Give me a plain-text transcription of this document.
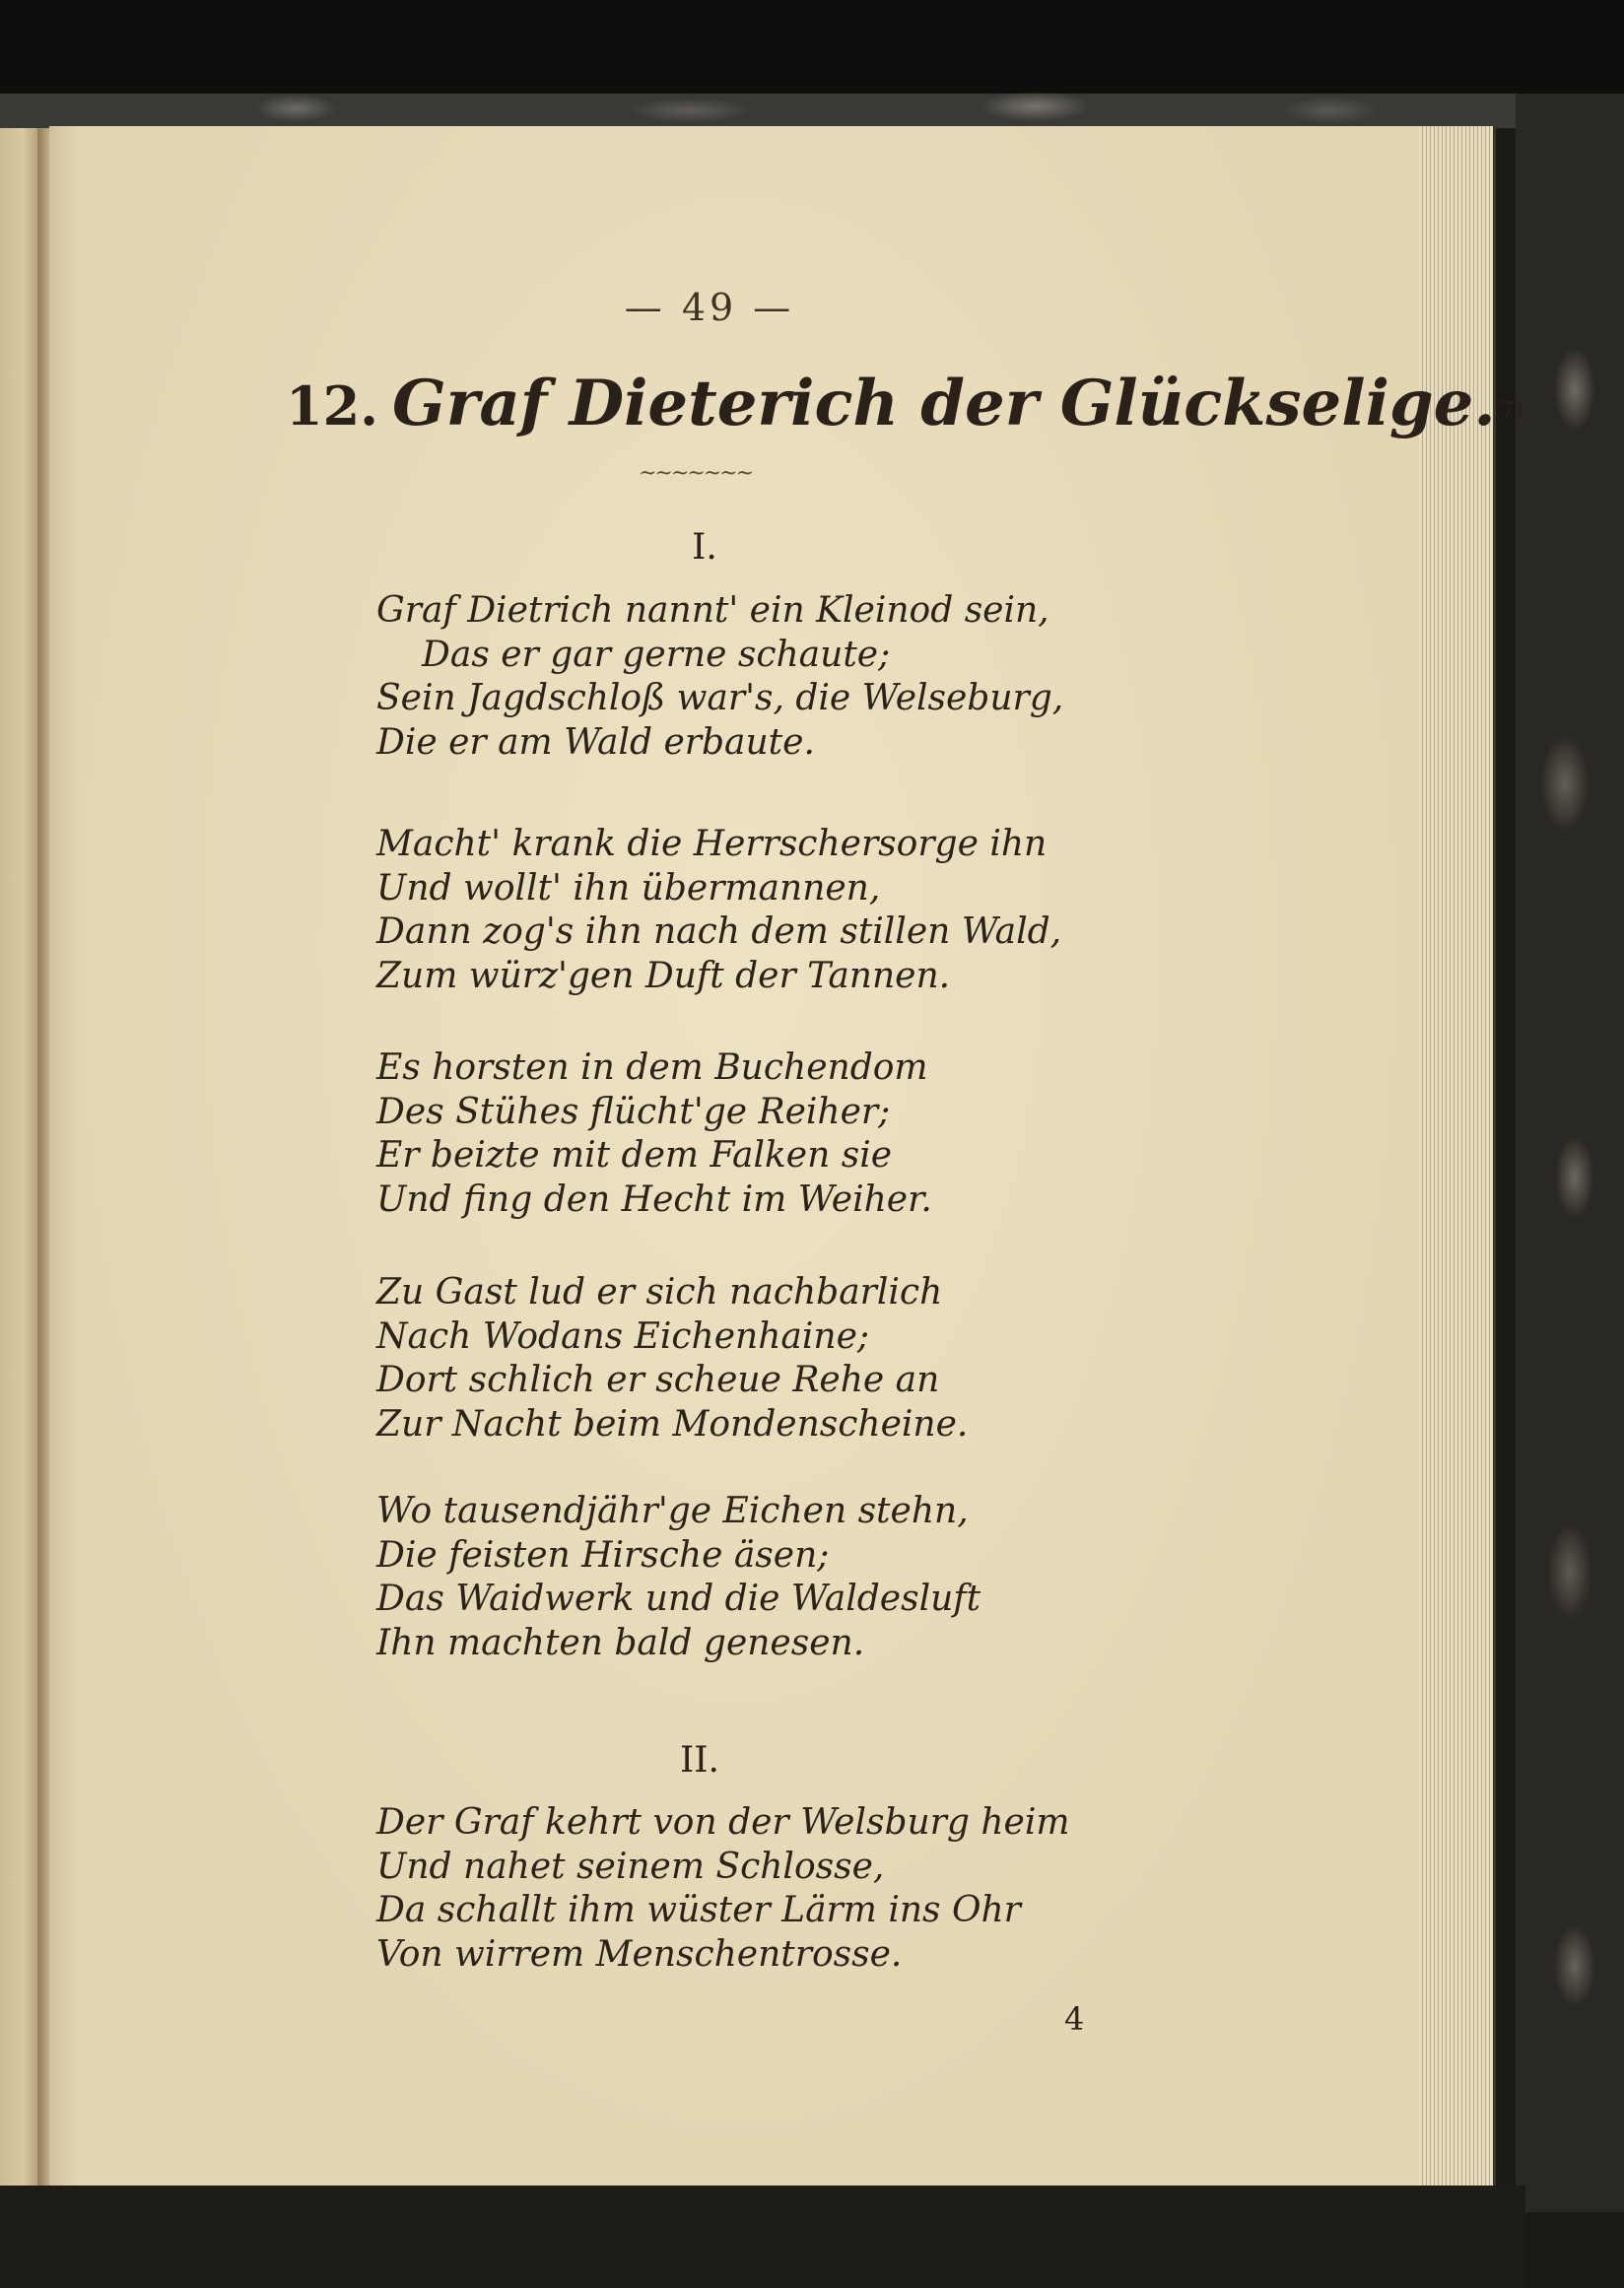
— 49 —
12. Graf Dieterich der Glückselige. 7)
~~~~~~~
I.
Graf Dietrich nannt' ein Kleinod sein,
Das er gar gerne schaute;
Sein Jagdschloß war's, die Welseburg,
Die er am Wald erbaute.
Macht' krank die Herrschersorge ihn
Und wollt' ihn übermannen,
Dann zog's ihn nach dem stillen Wald,
Zum würz'gen Duft der Tannen.
Es horsten in dem Buchendom
Des Stühes flücht'ge Reiher;
Er beizte mit dem Falken sie
Und fing den Hecht im Weiher.
Zu Gast lud er sich nachbarlich
Nach Wodans Eichenhaine;
Dort schlich er scheue Rehe an
Zur Nacht beim Mondenscheine.
Wo tausendjähr'ge Eichen stehn,
Die feisten Hirsche äsen;
Das Waidwerk und die Waldesluft
Ihn machten bald genesen.
II.
Der Graf kehrt von der Welsburg heim
Und nahet seinem Schlosse,
Da schallt ihm wüster Lärm ins Ohr
Von wirrem Menschentrosse.
4
